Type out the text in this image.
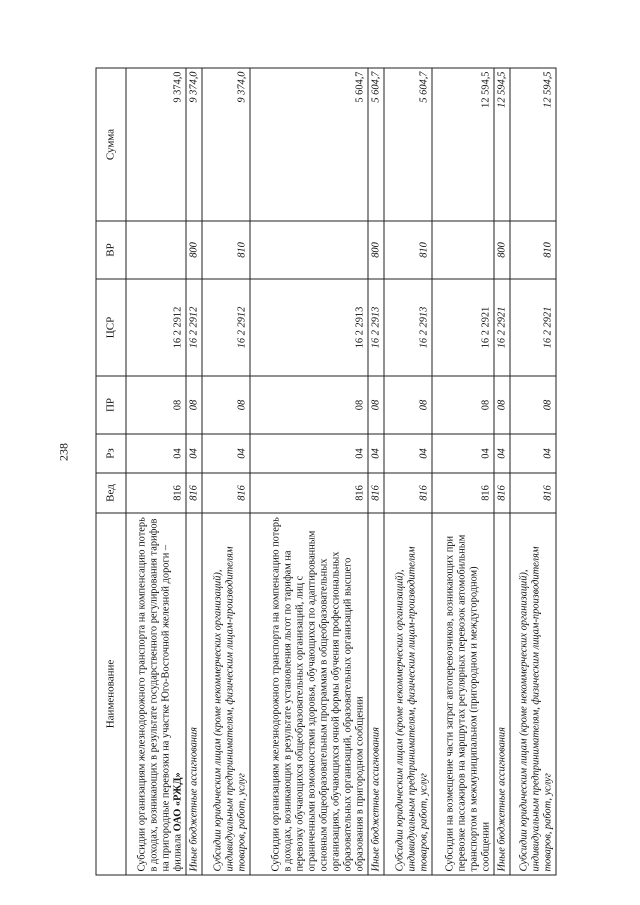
238
Наименование	Вед	Рз	ПР	ЦСР	ВР	Сумма
Субсидии организациям железнодорожного транспорта на компенсацию потерь в доходах, возникающих в результате государственного регулирования тарифов на пригородные перевозки на участке Юго-Восточной железной дороги – филиала ОАО «РЖД»	816	04	08	16 2 2912		9 374,0
Иные бюджетные ассигнования	816	04	08	16 2 2912	800	9 374,0
Субсидии юридическим лицам (кроме некоммерческих организаций), индивидуальным предпринимателям, физическим лицам-производителям товаров, работ, услуг	816	04	08	16 2 2912	810	9 374,0
Субсидии организациям железнодорожного транспорта на компенсацию потерь в доходах, возникающих в результате установления льгот по тарифам на перевозку обучающихся общеобразовательных организаций, лиц с ограниченными возможностями здоровья, обучающихся по адаптированным основным общеобразовательным программам в общеобразовательных организациях, обучающихся очной формы обучения профессиональных образовательных организаций, образовательных организаций высшего образования в пригородном сообщении	816	04	08	16 2 2913		5 604,7
Иные бюджетные ассигнования	816	04	08	16 2 2913	800	5 604,7
Субсидии юридическим лицам (кроме некоммерческих организаций), индивидуальным предпринимателям, физическим лицам-производителям товаров, работ, услуг	816	04	08	16 2 2913	810	5 604,7
Субсидии на возмещение части затрат автоперевозчиков, возникающих при перевозке пассажиров на маршрутах регулярных перевозок автомобильным транспортом в межмуниципальном (пригородном и междугородном) сообщении	816	04	08	16 2 2921		12 594,5
Иные бюджетные ассигнования	816	04	08	16 2 2921	800	12 594,5
Субсидии юридическим лицам (кроме некоммерческих организаций), индивидуальным предпринимателям, физическим лицам-производителям товаров, работ, услуг	816	04	08	16 2 2921	810	12 594,5
